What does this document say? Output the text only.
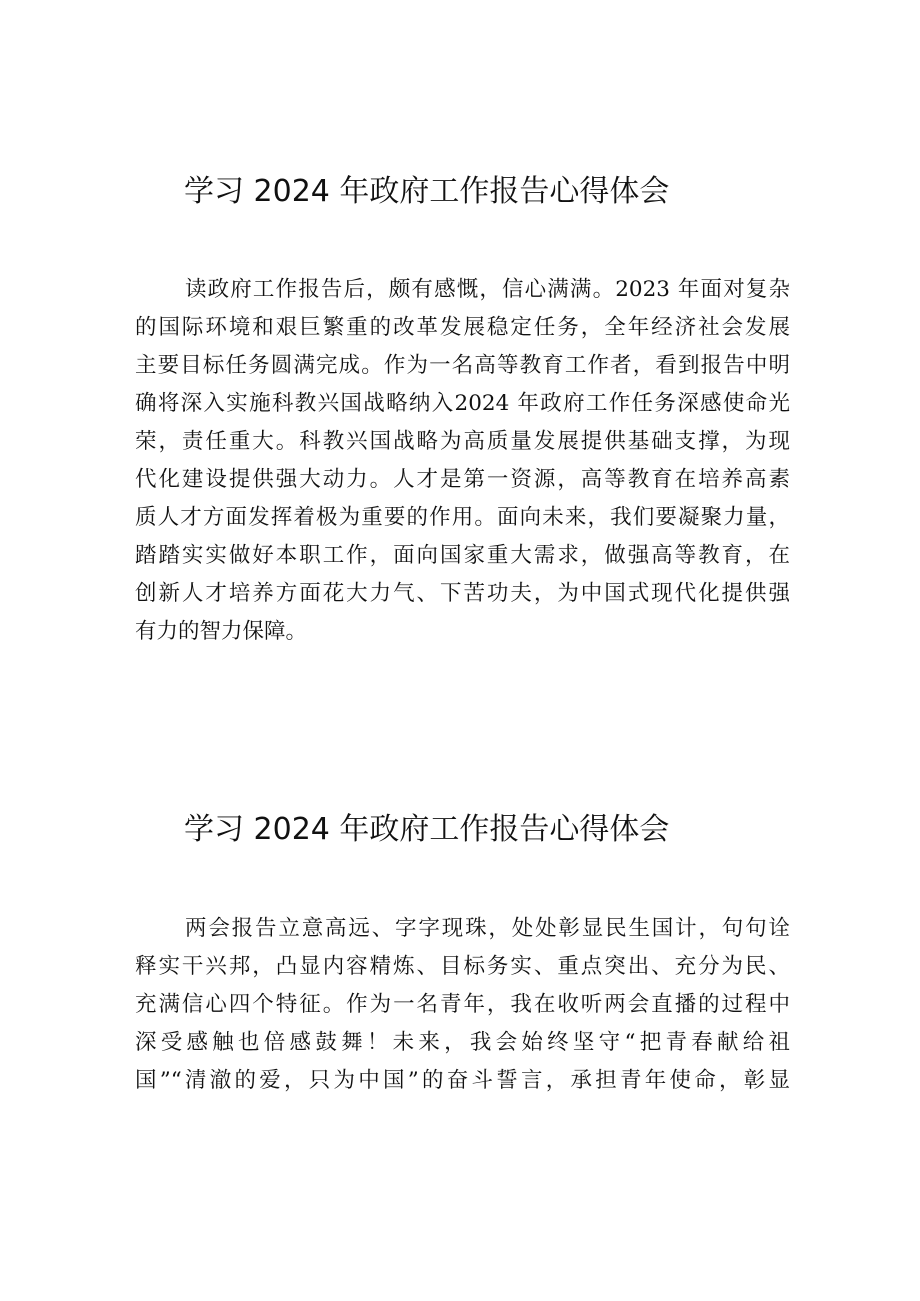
学习 2024 年政府工作报告心得体会
读政府工作报告后，颇有感慨，信心满满。2023 年面对复杂
的国际环境和艰巨繁重的改革发展稳定任务，全年经济社会发展
主要目标任务圆满完成。作为一名高等教育工作者，看到报告中明
确将深入实施科教兴国战略纳入2024 年政府工作任务深感使命光
荣，责任重大。科教兴国战略为高质量发展提供基础支撑，为现
代化建设提供强大动力。人才是第一资源，高等教育在培养高素
质人才方面发挥着极为重要的作用。面向未来，我们要凝聚力量，
踏踏实实做好本职工作，面向国家重大需求，做强高等教育，在
创新人才培养方面花大力气、下苦功夫，为中国式现代化提供强
有力的智力保障。
学习 2024 年政府工作报告心得体会
两会报告立意高远、字字现珠，处处彰显民生国计，句句诠
释实干兴邦，凸显内容精炼、目标务实、重点突出、充分为民、
充满信心四个特征。作为一名青年，我在收听两会直播的过程中
深受感触也倍感鼓舞！未来，我会始终坚守“把青春献给祖
国”“清澈的爱，只为中国”的奋斗誓言，承担青年使命，彰显
